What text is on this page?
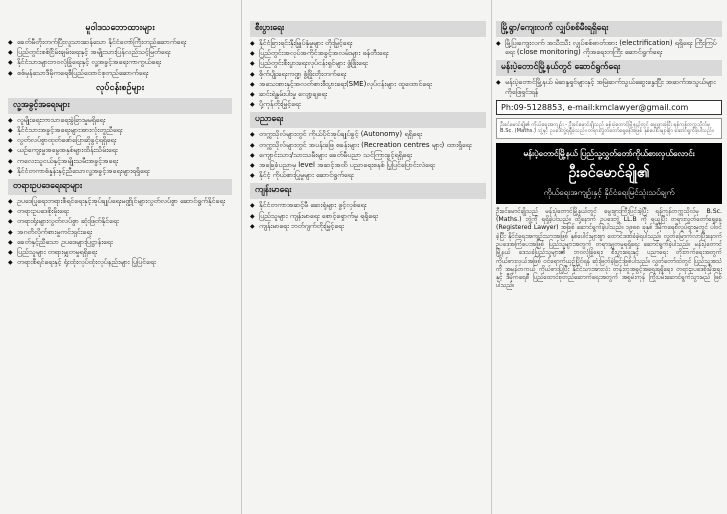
မူဝါဒသဘောထားများ
◆ ခေတ်မီတိုးတက်ပြီးလူသားဆန်သော နိုင်ငံတော်ကြီးတည်ဆောက်ရေး
◆ ပြည်တွင်းစစ်ငြိမ်းချမ်းရေးနှင့် အမျိုးသားပြန်လည်သင့်မြတ်ရေး
◆ နိုင်ငံသားများဘဝလုံခြုံရေးနှင့် လူ့အခွင့်အရေးကာကွယ်ရေး
◆ စစ်မှန်သောဒီမိုကရေစီပြည်ထောင်စုတည်ဆောက်ရေး
လုပ်ငန်းစဉ်များ
လူ့အခွင့်အရေးများ
◆ လူမျိုးရေးဘာသာရေးခွဲခြားမှုမရှိရေး
◆ နိုင်ငံသားအခွင့်အရေးများအားလုံးတူညီရေး
◆ လွတ်လပ်စွာထုတ်ဖော်ပြောဆိုခွင့်ရရှိရေး
◆ ယဉ်ကျေးမှုအမွေအနှစ်များထိန်းသိမ်းရေး
◆ ကလေးသူငယ်နှင့်အမျိုးသမီးအခွင့်အရေး
◆ နိုင်ငံတကာစံနှုန်းနှင့်ညီသောလူ့အခွင့်အရေးများရရှိရေး
တရားဥပဒေရေးရာများ
◆ ဥပဒေပြုရေးတရားစီရင်ရေးနှင့်အုပ်ချုပ်ရေးမဏ္ဍိုင်များလွတ်လပ်စွာ ဆောင်ရွက်နိုင်ရေး
◆ တရားဥပဒေစိုးမိုးရေး
◆ တရားရုံးများလွတ်လပ်စွာ ဆုံးဖြတ်နိုင်ရေး
◆ အဂတိလိုက်စားမှုကင်းရှင်းရေး
◆ ခေတ်နှင့်ညီသော ဥပဒေများပြဋ္ဌာန်းရေး
◆ ပြည်သူများ တရားမျှတမှုရရှိရေး
◆ တရားစီရင်ရေးနှင့် ရုံးထုံးလုပ်ထုံးလုပ်နည်းများ ပြုပြင်ရေး
စီးပွားရေး
◆ နိုင်ငံခြားရင်းနှီးမြှုပ်နှံမှုများ တိုးမြှင့်ရေး
◆ ပြည်တွင်းအလုပ်အကိုင်အခွင့်အလမ်းများ ဖန်တီးရေး
◆ ပြည်တွင်းစီးပွားရေးလုပ်ငန်းရှင်များ ဖွံ့ဖြိုးရေး
◆ စိုက်ပျိုးရေးကဏ္ဍ ဖွံ့ဖြိုးတိုးတက်ရေး
◆ အသေးစားနှင့်အလတ်စားစီးပွားရေး(SME)လုပ်ငန်းများ ထူထောင်ရေး
◆ ဆင်းရဲနွမ်းပါးမှု လျော့ချရေး
◆ ပို့ကုန်တိုးမြှင့်ရေး
ပညာရေး
◆ တက္ကသိုလ်များတွင် ကိုယ်ပိုင်အုပ်ချုပ်ခွင့် (Autonomy) ရရှိရေး
◆ တက္ကသိုလ်များတွင် အပန်းဖြေ စခန်းများ (Recreation centres များ) ထားရှိရေး
◆ ကျောင်းသား/သားသမီးများ ခေတ်မီပညာ သင်ကြားခွင့်ရရှိရေး
◆ အခြေခံပညာမှ level အဆင့်အထိ ပညာရေးစနစ် ပြုပြင်ပြောင်းလဲရေး
◆ နိုင်ငံ့ ကိုယ်စားပြုမှုများ ဆောင်ရွက်ရေး
ကျန်းမာရေး
◆ နိုင်ငံတကာအဆင့်မီ ဆေးရုံများ ဖွင့်လှစ်ရေး
◆ ပြည်သူများ ကျန်းမာရေး စောင့်ရှောက်မှု ရရှိရေး
◆ ကျန်းမာရေး ဘတ်ဂျက်တိုးမြှင့်ရေး
မြို့ရွာ/ကျေးလက် လျှပ်စစ်မီးရရှိရေး
◆ မြို့ပြ၊ကျေးလက် အသီးသီး လျှပ်စစ်ဓာတ်အား (electrification) ရရှိရေး ကြီးကြပ်ရေး (close monitoring) ကိုအရေးတကြီး ဆောင်ရွက်ရေး
မန်းပဲ့တောင်မြို့နယ်တွင် ဆောင်ရွက်ရေး
◆ မန်းပဲ့တောင်မြို့နယ် မဲဆန္ဒရှင်များနှင့် အမြဲဆက်သွယ်ဆွေးနွေးပြီး အဆက်အသွယ်များကိုဖြေရှင်းရန်
Ph:09-5128853, e-mail:kmclawyer@gmail.com
ဦးခင်မောင်ချို၏ ကိုယ်ရေးအကျဉ်း - ဦးခင်မောင်ချိုသည် မန်းပဲ့တောင်မြို့နယ်တွင် မွေးဖွားခဲ့ပြီး ရန်ကုန်တက္ကသိုလ်မှ B.Sc. (Maths.) ဘွဲ့နှင့် ဥပဒေဘွဲ့ရရှိခဲ့သည်။ တရားလွှတ်တော်ရှေ့နေအဖြစ် နှစ်ပေါင်းများစွာ ဆောင်ရွက်ခဲ့ပါသည်။
မန်းပဲ့တောင်မြို့နယ် ပြည်သူ့လွှတ်တော်ကိုယ်စားလှယ်လောင်း
ဦးခင်မောင်ချို၏
ကိုယ်ရေးအကျဉ်းနှင့် နိုင်ငံရေးမြင်သုံးသပ်ချက်

ဦးခင်မောင်ချိုသည် မန်းပဲ့တောင်မြို့နယ်တွင် မွေးဖွားကြီးပြင်းခဲ့ပြီး ရန်ကုန်တက္ကသိုလ်မှ B.Sc. (Maths.) ဘွဲ့ကို ရရှိခဲ့ပါသည်။ ထို့နောက် ဥပဒေဘွဲ့ LL.B ကို ရယူပြီး တရားလွှတ်တော်ရှေ့နေ (Registered Lawyer) အဖြစ် ဆောင်ရွက်ခဲ့ပါသည်။ ၁၉၈၈ ခုနှစ် ဒီမိုကရေစီလှုပ်ရှားမှုတွင် ပါဝင်ခဲ့ပြီး နိုင်ငံရေးအကျဉ်းသားအဖြစ် နှစ်ပေါင်းများစွာ ထောင်ဒဏ်ခံခဲ့ရပါသည်။ လွတ်မြောက်လာပြီးနောက် ဥပဒေအကြံပေးအဖြစ် ပြည်သူများအတွက် တရားမျှတမှုရရှိရေး ဆောင်ရွက်ခဲ့ပါသည်။ မန်းပဲ့တောင်မြို့နယ် ဒေသခံပြည်သူများ၏ ဘဝလုံခြုံရေး၊ စီးပွားရေးနှင့် ပညာရေး တိုးတက်ရေးအတွက် ကိုယ်စားလှယ်အဖြစ် ဝင်ရောက်ယှဉ်ပြိုင်ရန် ဆုံးဖြတ်ခဲ့ခြင်းဖြစ်ပါသည်။ လွှတ်တော်ထဲတွင် ပြည်သူ့အသံကို အမှန်တကယ် ကိုယ်စားပြုပြီး နိုင်ငံသားအားလုံး တန်းတူအခွင့်အရေးရရှိရေး၊ တရားဥပဒေစိုးမိုးရေးနှင့် ဒီမိုကရေစီ ပြည်ထောင်စုတည်ဆောက်ရေးအတွက် အစွမ်းကုန် ကြိုးပမ်းဆောင်ရွက်သွားမည် ဖြစ်ပါသည်။
